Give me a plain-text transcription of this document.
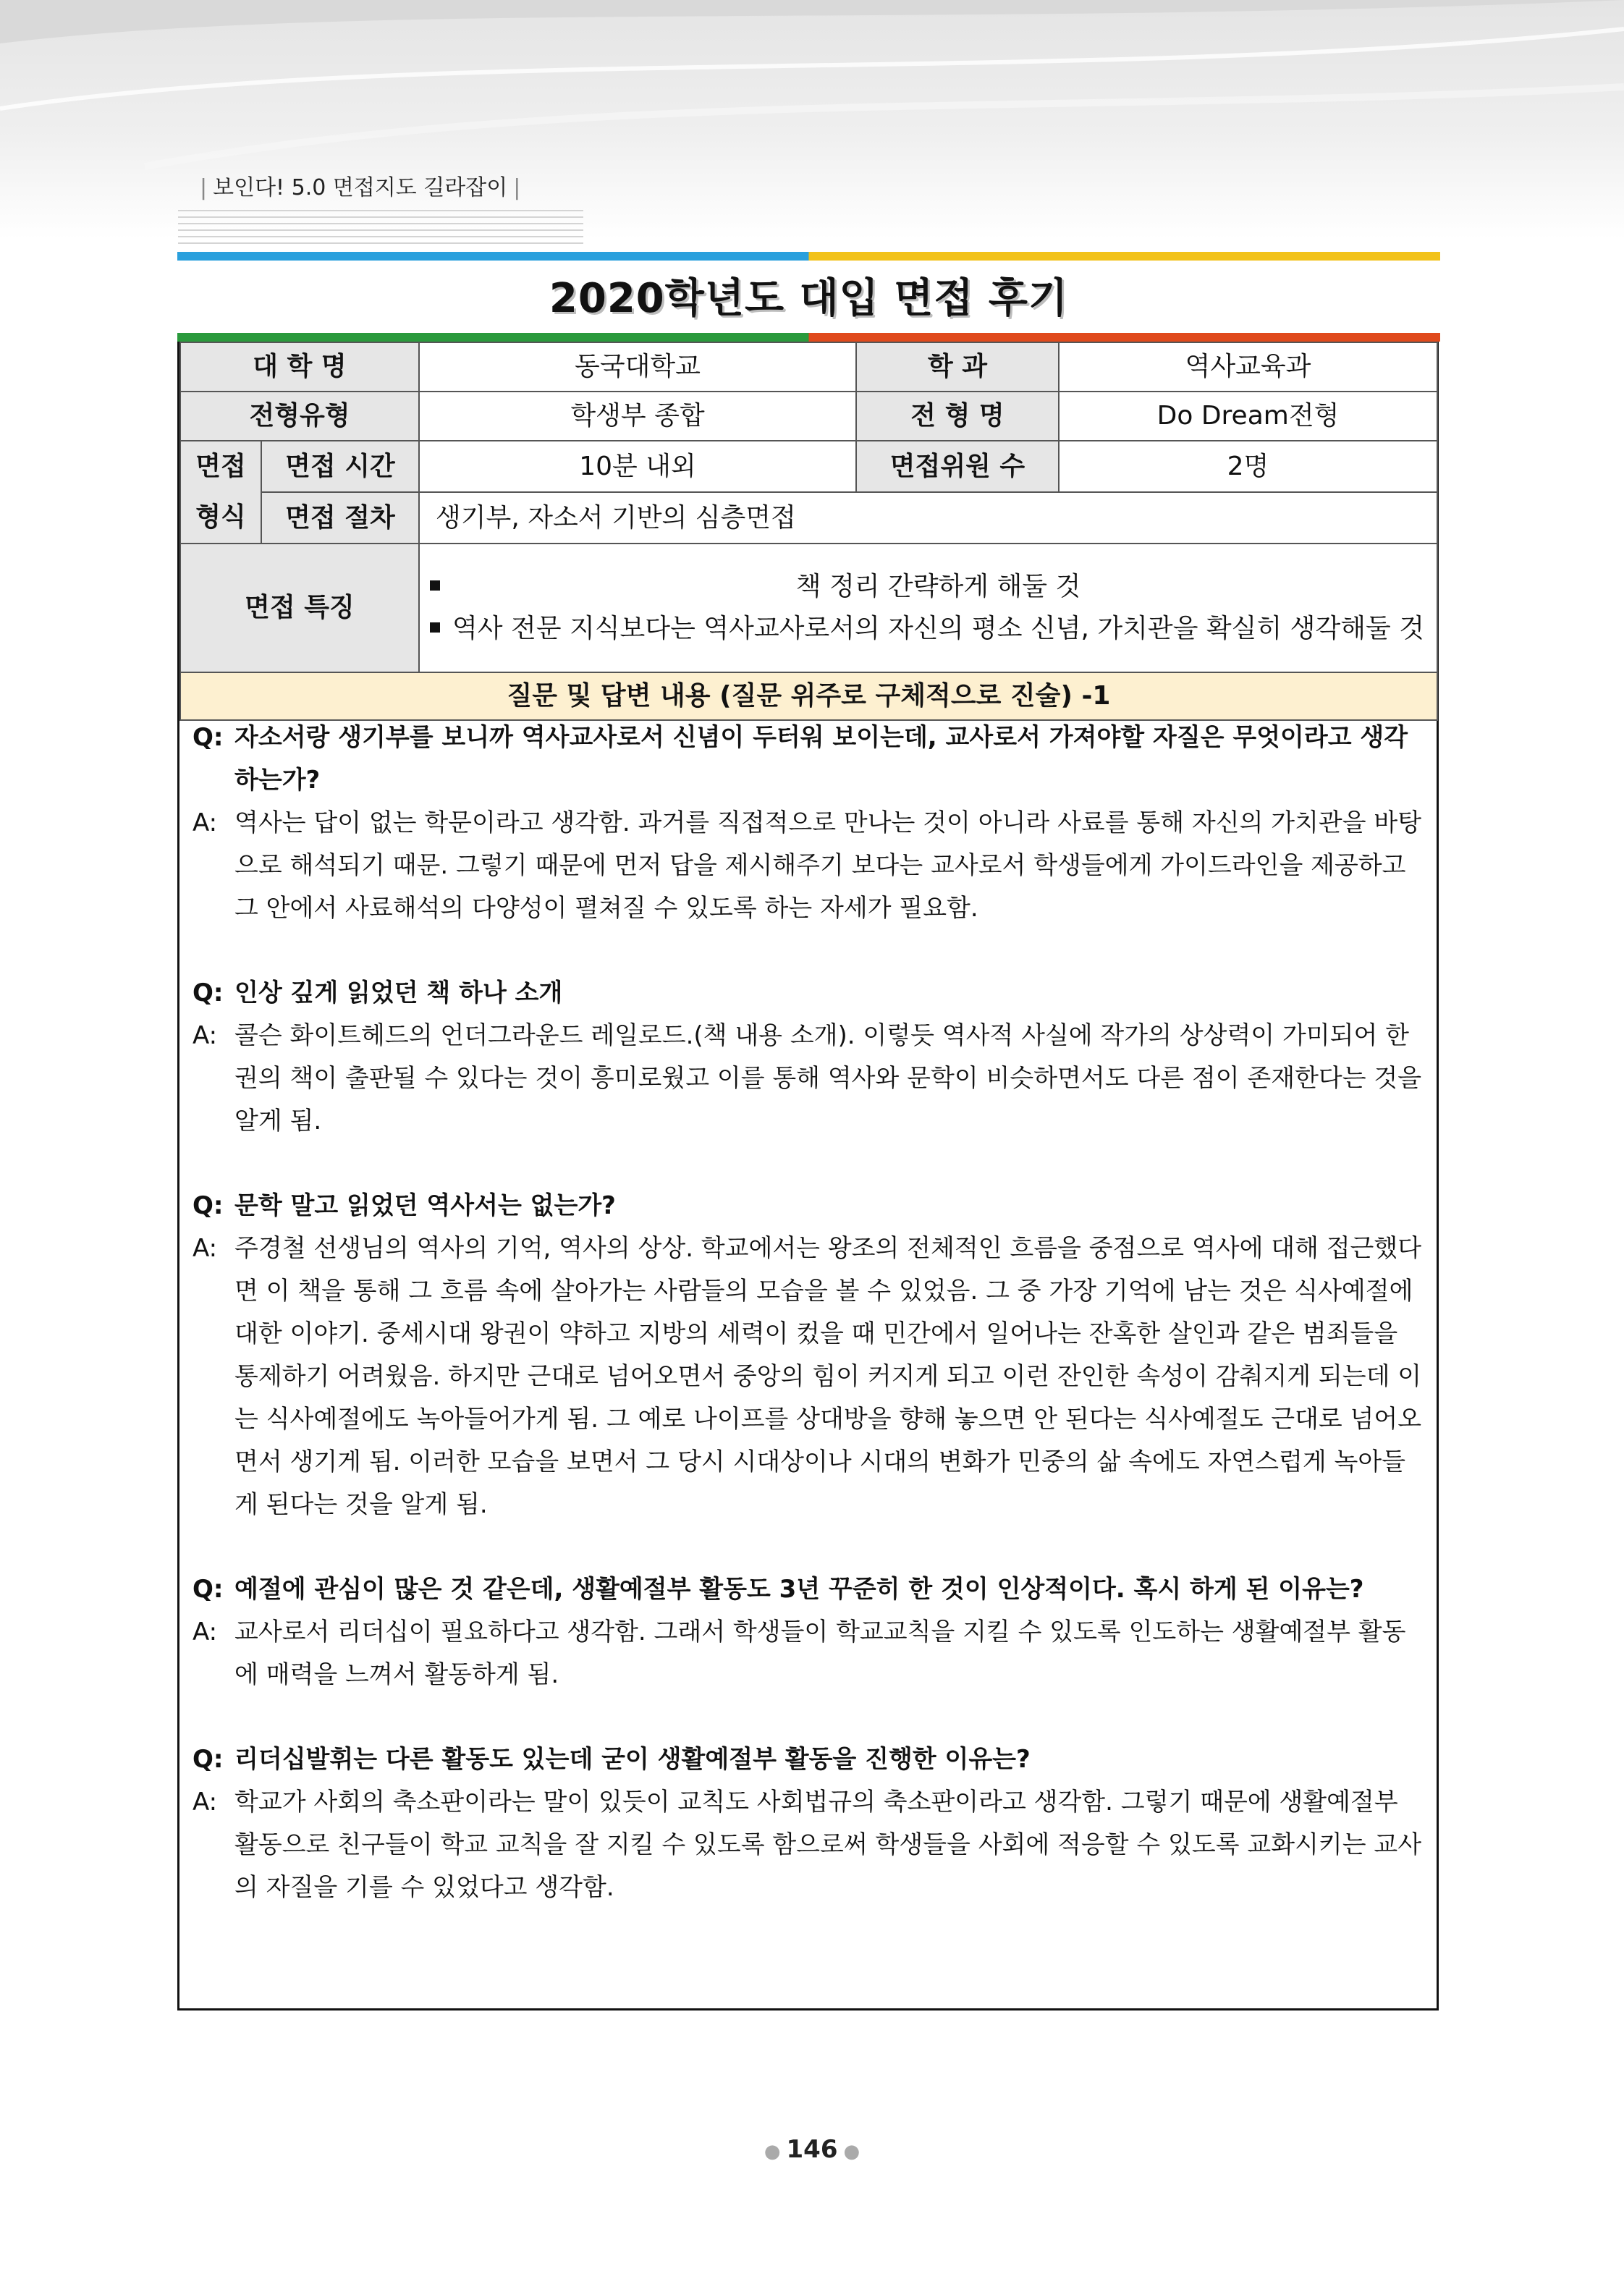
| 보인다! 5.0 면접지도 길라잡이 |
2020학년도 대입 면접 후기
대 학 명		동국대학교	학 과	역사교육과
전형유형		학생부 종합	전 형 명	Do Dream전형

면접
형식	면접 시간	10분 내외	면접위원 수	2명
	면접 절차	생기부, 자소서 기반의 심층면접		
면접 특징		책 정리 간략하게 해둘 것
역사 전문 지식보다는 역사교사로서의 자신의 평소 신념, 가치관을 확실히 생각해둘 것		

질문 및 답변 내용 (질문 위주로 구체적으로 진술) -1				
Q: 자소서랑 생기부를 보니까 역사교사로서 신념이 두터워 보이는데, 교사로서 가져야할 자질은 무엇이라고 생각하는가?
A: 역사는 답이 없는 학문이라고 생각함. 과거를 직접적으로 만나는 것이 아니라 사료를 통해 자신의 가치관을 바탕으로 해석되기 때문. 그렇기 때문에 먼저 답을 제시해주기 보다는 교사로서 학생들에게 가이드라인을 제공하고 그 안에서 사료해석의 다양성이 펼쳐질 수 있도록 하는 자세가 필요함.
Q: 인상 깊게 읽었던 책 하나 소개
A: 콜슨 화이트헤드의 언더그라운드 레일로드.(책 내용 소개). 이렇듯 역사적 사실에 작가의 상상력이 가미되어 한 권의 책이 출판될 수 있다는 것이 흥미로웠고 이를 통해 역사와 문학이 비슷하면서도 다른 점이 존재한다는 것을 알게 됨.
Q: 문학 말고 읽었던 역사서는 없는가?
A: 주경철 선생님의 역사의 기억, 역사의 상상. 학교에서는 왕조의 전체적인 흐름을 중점으로 역사에 대해 접근했다면 이 책을 통해 그 흐름 속에 살아가는 사람들의 모습을 볼 수 있었음. 그 중 가장 기억에 남는 것은 식사예절에 대한 이야기. 중세시대 왕권이 약하고 지방의 세력이 컸을 때 민간에서 일어나는 잔혹한 살인과 같은 범죄들을 통제하기 어려웠음. 하지만 근대로 넘어오면서 중앙의 힘이 커지게 되고 이런 잔인한 속성이 감춰지게 되는데 이는 식사예절에도 녹아들어가게 됨. 그 예로 나이프를 상대방을 향해 놓으면 안 된다는 식사예절도 근대로 넘어오면서 생기게 됨. 이러한 모습을 보면서 그 당시 시대상이나 시대의 변화가 민중의 삶 속에도 자연스럽게 녹아들게 된다는 것을 알게 됨.
Q: 예절에 관심이 많은 것 같은데, 생활예절부 활동도 3년 꾸준히 한 것이 인상적이다. 혹시 하게 된 이유는?
A: 교사로서 리더십이 필요하다고 생각함. 그래서 학생들이 학교교칙을 지킬 수 있도록 인도하는 생활예절부 활동에 매력을 느껴서 활동하게 됨.
Q: 리더십발휘는 다른 활동도 있는데 굳이 생활예절부 활동을 진행한 이유는?
A: 학교가 사회의 축소판이라는 말이 있듯이 교칙도 사회법규의 축소판이라고 생각함. 그렇기 때문에 생활예절부 활동으로 친구들이 학교 교칙을 잘 지킬 수 있도록 함으로써 학생들을 사회에 적응할 수 있도록 교화시키는 교사의 자질을 기를 수 있었다고 생각함.
● 146 ●
